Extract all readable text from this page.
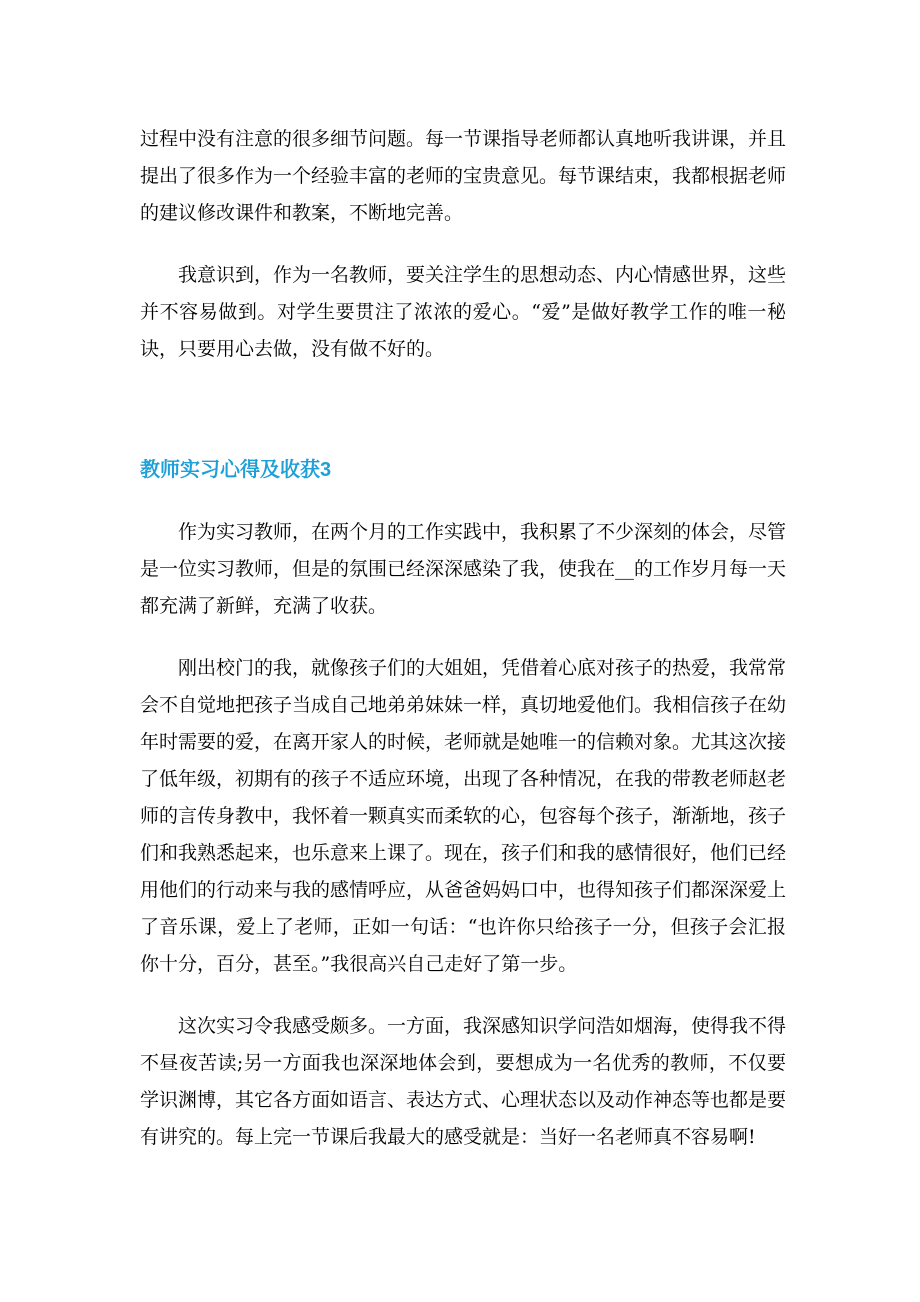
过程中没有注意的很多细节问题。每一节课指导老师都认真地听我讲课，并且提出了很多作为一个经验丰富的老师的宝贵意见。每节课结束，我都根据老师的建议修改课件和教案，不断地完善。

我意识到，作为一名教师，要关注学生的思想动态、内心情感世界，这些并不容易做到。对学生要贯注了浓浓的爱心。“爱”是做好教学工作的唯一秘诀，只要用心去做，没有做不好的。

教师实习心得及收获3

作为实习教师，在两个月的工作实践中，我积累了不少深刻的体会，尽管是一位实习教师，但是的氛围已经深深感染了我，使我在__的工作岁月每一天都充满了新鲜，充满了收获。

刚出校门的我，就像孩子们的大姐姐，凭借着心底对孩子的热爱，我常常会不自觉地把孩子当成自己地弟弟妹妹一样，真切地爱他们。我相信孩子在幼年时需要的爱，在离开家人的时候，老师就是她唯一的信赖对象。尤其这次接了低年级，初期有的孩子不适应环境，出现了各种情况，在我的带教老师赵老师的言传身教中，我怀着一颗真实而柔软的心，包容每个孩子，渐渐地，孩子们和我熟悉起来，也乐意来上课了。现在，孩子们和我的感情很好，他们已经用他们的行动来与我的感情呼应，从爸爸妈妈口中，也得知孩子们都深深爱上了音乐课，爱上了老师，正如一句话：“也许你只给孩子一分，但孩子会汇报你十分，百分，甚至。”我很高兴自己走好了第一步。

这次实习令我感受颇多。一方面，我深感知识学问浩如烟海，使得我不得不昼夜苦读;另一方面我也深深地体会到，要想成为一名优秀的教师，不仅要学识渊博，其它各方面如语言、表达方式、心理状态以及动作神态等也都是要有讲究的。每上完一节课后我最大的感受就是：当好一名老师真不容易啊!
